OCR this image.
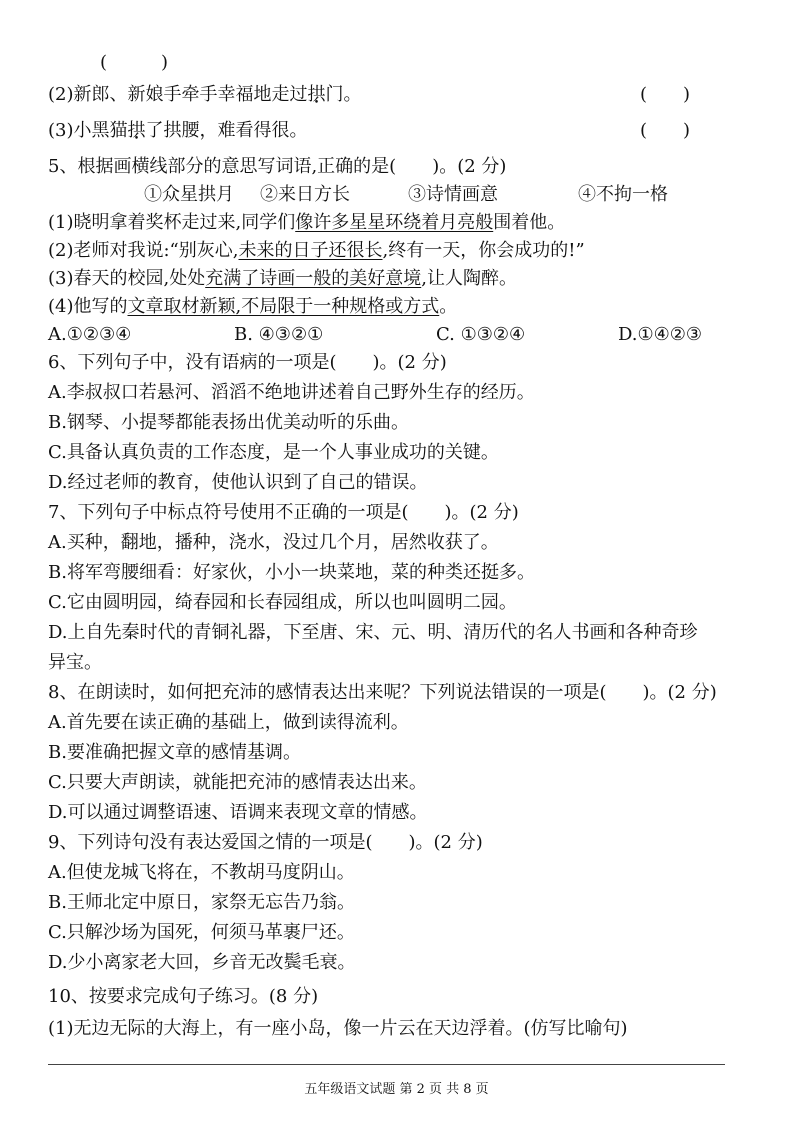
(　　　)
(2)新郎、新娘手牵手幸福地走过拱门。	(　　)
(3)小黑猫拱了拱腰，难看得很。	(　　)
5、根据画横线部分的意思写词语,正确的是(　　)。(2 分)
①众星拱月 ②来日方长	③诗情画意	④不拘一格
(1)晓明拿着奖杯走过来,同学们像许多星星环绕着月亮般围着他。
(2)老师对我说:“别灰心,未来的日子还很长,终有一天，你会成功的!”
(3)春天的校园,处处充满了诗画一般的美好意境,让人陶醉。
(4)他写的文章取材新颖,不局限于一种规格或方式。
A.①②③④	B. ④③②①	C. ①③②④	D.①④②③
6、下列句子中，没有语病的一项是(　　)。(2 分)
A.李叔叔口若悬河、滔滔不绝地讲述着自己野外生存的经历。
B.钢琴、小提琴都能表扬出优美动听的乐曲。
C.具备认真负责的工作态度，是一个人事业成功的关键。
D.经过老师的教育，使他认识到了自己的错误。
7、下列句子中标点符号使用不正确的一项是(　　)。(2 分)
A.买种，翻地，播种，浇水，没过几个月，居然收获了。
B.将军弯腰细看：好家伙，小小一块菜地，菜的种类还挺多。
C.它由圆明园，绮春园和长春园组成，所以也叫圆明二园。
D.上自先秦时代的青铜礼器，下至唐、宋、元、明、清历代的名人书画和各种奇珍
异宝。
8、在朗读时，如何把充沛的感情表达出来呢？下列说法错误的一项是(　　)。(2 分)
A.首先要在读正确的基础上，做到读得流利。
B.要准确把握文章的感情基调。
C.只要大声朗读，就能把充沛的感情表达出来。
D.可以通过调整语速、语调来表现文章的情感。
9、下列诗句没有表达爱国之情的一项是(　　)。(2 分)
A.但使龙城飞将在，不教胡马度阴山。
B.王师北定中原日，家祭无忘告乃翁。
C.只解沙场为国死，何须马革裹尸还。
D.少小离家老大回，乡音无改鬓毛衰。
10、按要求完成句子练习。(8 分)
(1)无边无际的大海上，有一座小岛，像一片云在天边浮着。(仿写比喻句)
五年级语文试题 第 2 页 共 8 页
